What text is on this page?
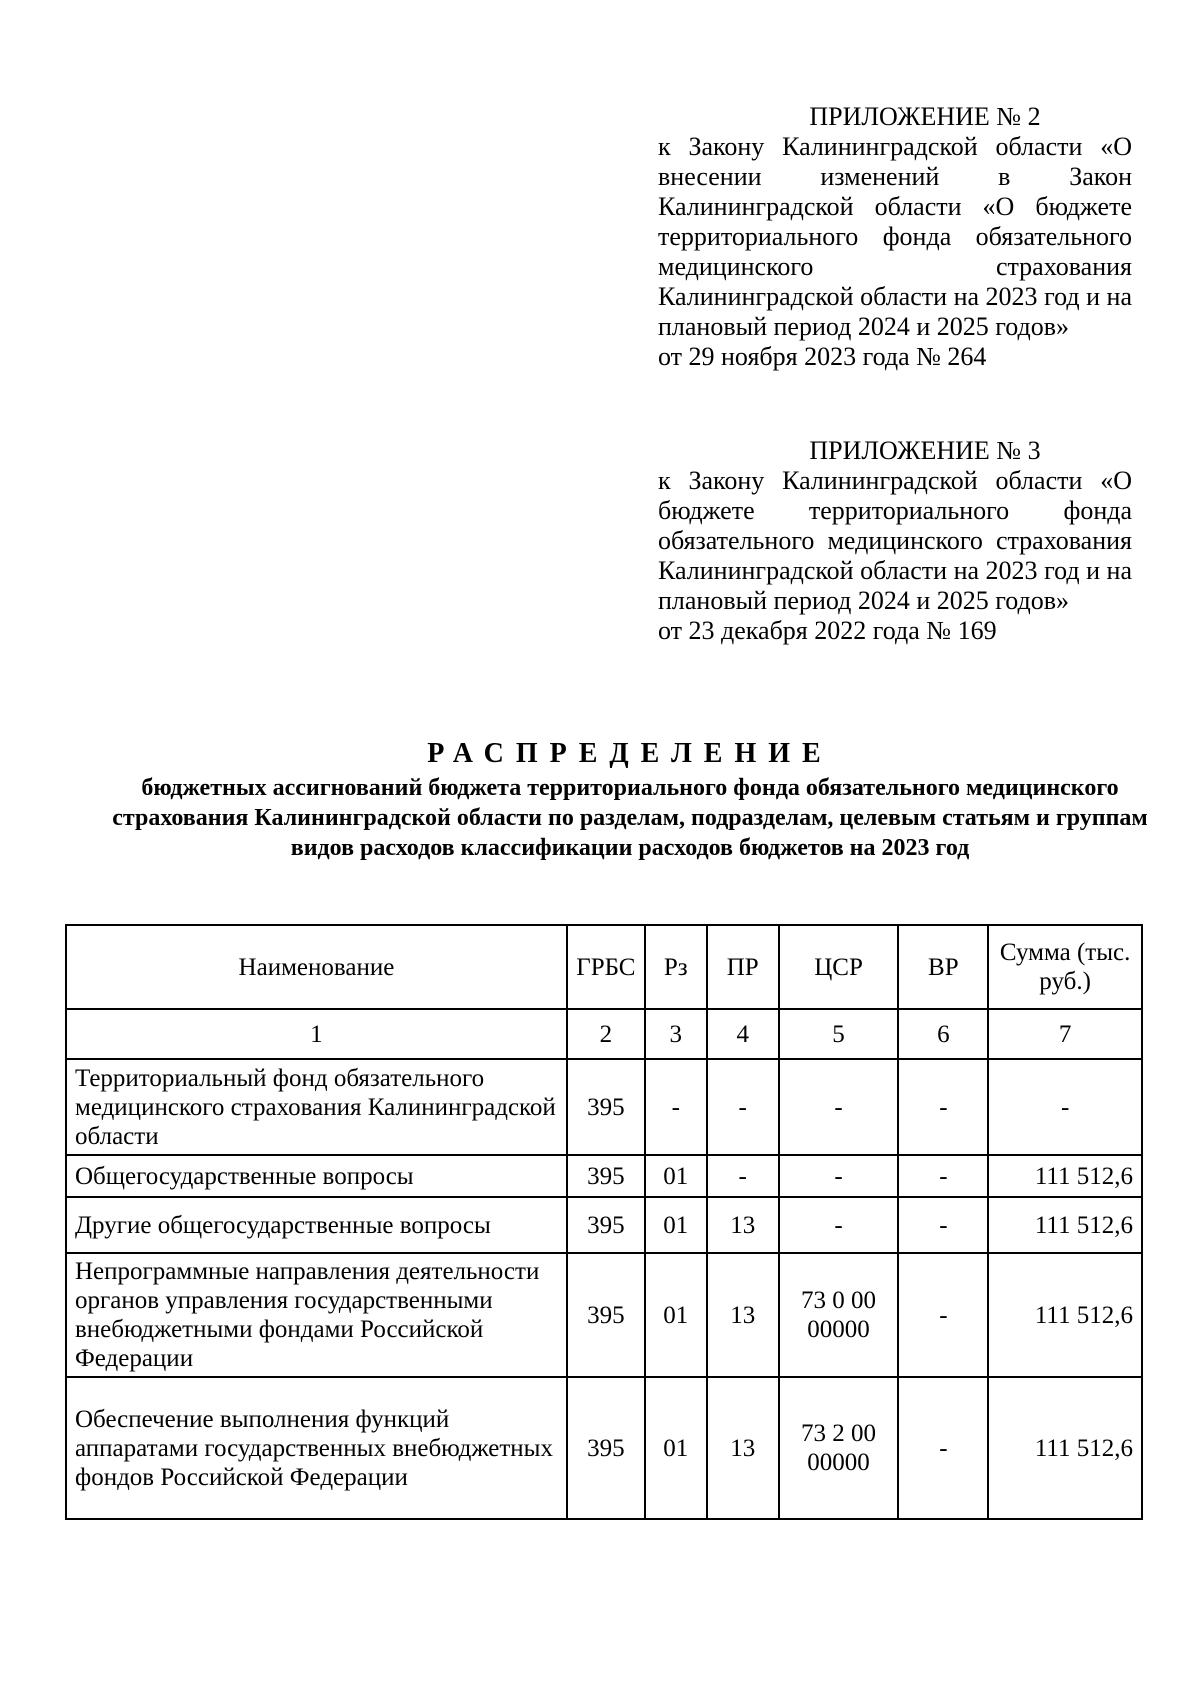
ПРИЛОЖЕНИЕ № 2
к Закону Калининградской области «О внесении изменений в Закон Калининградской области «О бюджете территориального фонда обязательного медицинского страхования Калининградской области на 2023 год и на плановый период 2024 и 2025 годов»
от 29 ноября 2023 года № 264
ПРИЛОЖЕНИЕ № 3
к Закону Калининградской области «О бюджете территориального фонда обязательного медицинского страхования Калининградской области на 2023 год и на плановый период 2024 и 2025 годов»
от 23 декабря 2022 года № 169
РАСПРЕДЕЛЕНИЕ
бюджетных ассигнований бюджета территориального фонда обязательного медицинского страхования Калининградской области по разделам, подразделам, целевым статьям и группам видов расходов классификации расходов бюджетов на 2023 год
Наименование	ГРБС	Рз	ПР	ЦСР	ВР	Сумма (тыс. руб.)
1	2	3	4	5	6	7
Территориальный фонд обязательного медицинского страхования Калининградской области	395	-	-	-	-	-
Общегосударственные вопросы	395	01	-	-	-	111 512,6
Другие общегосударственные вопросы	395	01	13	-	-	111 512,6
Непрограммные направления деятельности органов управления государственными внебюджетными фондами Российской Федерации	395	01	13	73 0 00 00000	-	111 512,6
Обеспечение выполнения функций аппаратами государственных внебюджетных фондов Российской Федерации	395	01	13	73 2 00 00000	-	111 512,6
